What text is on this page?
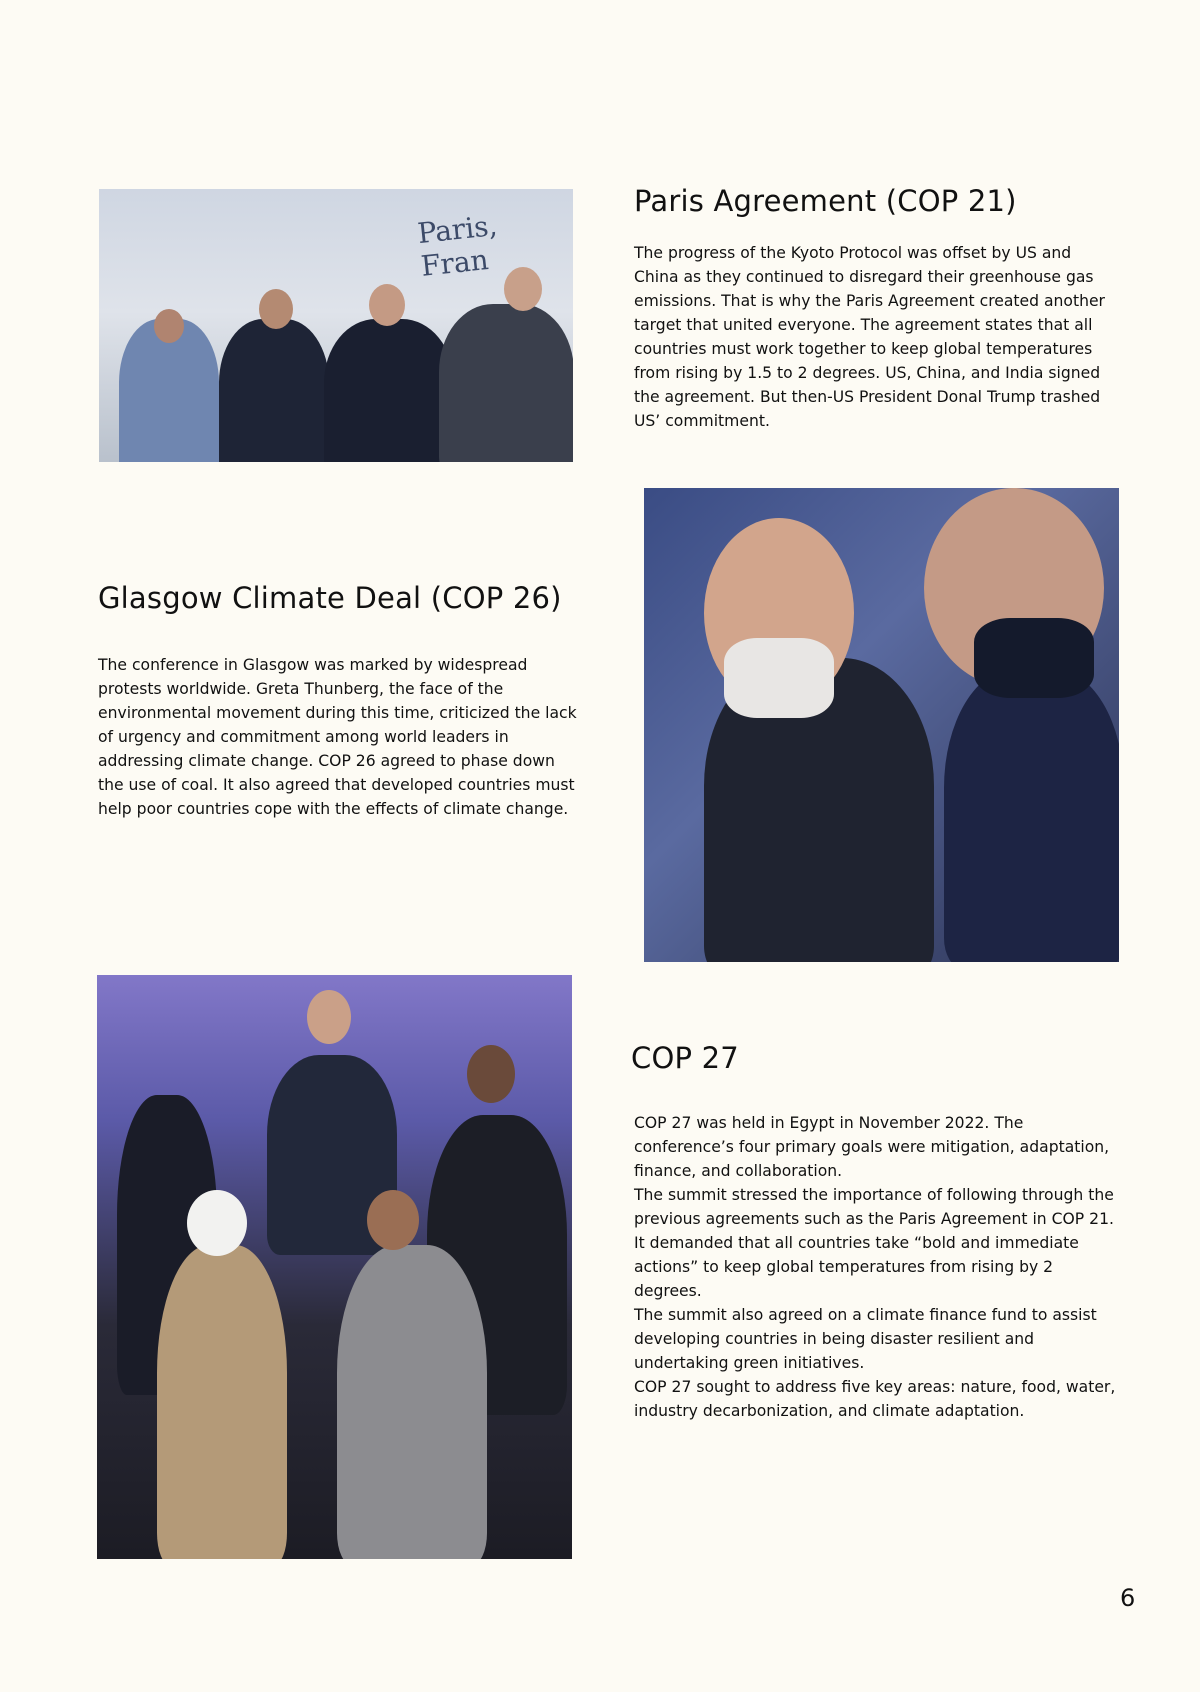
Paris, Fran
Paris Agreement (COP 21)

The progress of the Kyoto Protocol was offset by US and China as they continued to disregard their greenhouse gas emissions. That is why the Paris Agreement created another target that united everyone. The agreement states that all countries must work together to keep global temperatures from rising by 1.5 to 2 degrees. US, China, and India signed the agreement. But then-US President Donal Trump trashed US’ commitment.

Glasgow Climate Deal (COP 26)

The conference in Glasgow was marked by widespread protests worldwide. Greta Thunberg, the face of the environmental movement during this time, criticized the lack of urgency and commitment among world leaders in addressing climate change. COP 26 agreed to phase down the use of coal. It also agreed that developed countries must help poor countries cope with the effects of climate change.

COP 27

COP 27 was held in Egypt in November 2022. The conference’s four primary goals were mitigation, adaptation, finance, and collaboration.

The summit stressed the importance of following through the previous agreements such as the Paris Agreement in COP 21. It demanded that all countries take “bold and immediate actions” to keep global temperatures from rising by 2 degrees.

The summit also agreed on a climate finance fund to assist developing countries in being disaster resilient and undertaking green initiatives.

COP 27 sought to address five key areas: nature, food, water, industry decarbonization, and climate adaptation.

6
